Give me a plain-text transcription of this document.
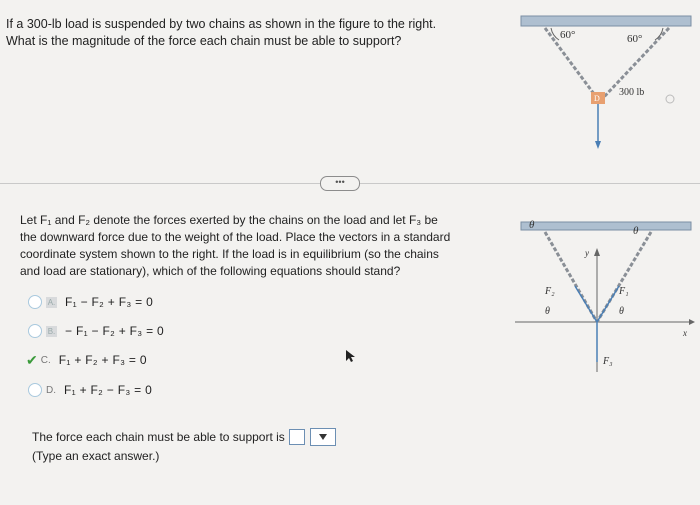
If a 300-lb load is suspended by two chains as shown in the figure to the right.
What is the magnitude of the force each chain must be able to support?	60°	60°
D
300 lb
•••
Let F₁ and F₂ denote the forces exerted by the chains on the load and let F₃ be
the downward force due to the weight of the load. Place the vectors in a standard
coordinate system shown to the right. If the load is in equilibrium (so the chains
and load are stationary), which of the following equations should stand?
A. F₁ − F₂ + F₃ = 0
B. − F₁ − F₂ + F₃ = 0
✔ C. F₁ + F₂ + F₃ = 0
D. F₁ + F₂ − F₃ = 0
θ	θ
F₂	F₁
F₃
θ	θ
y
x
The force each chain must be able to support is
(Type an exact answer.)
